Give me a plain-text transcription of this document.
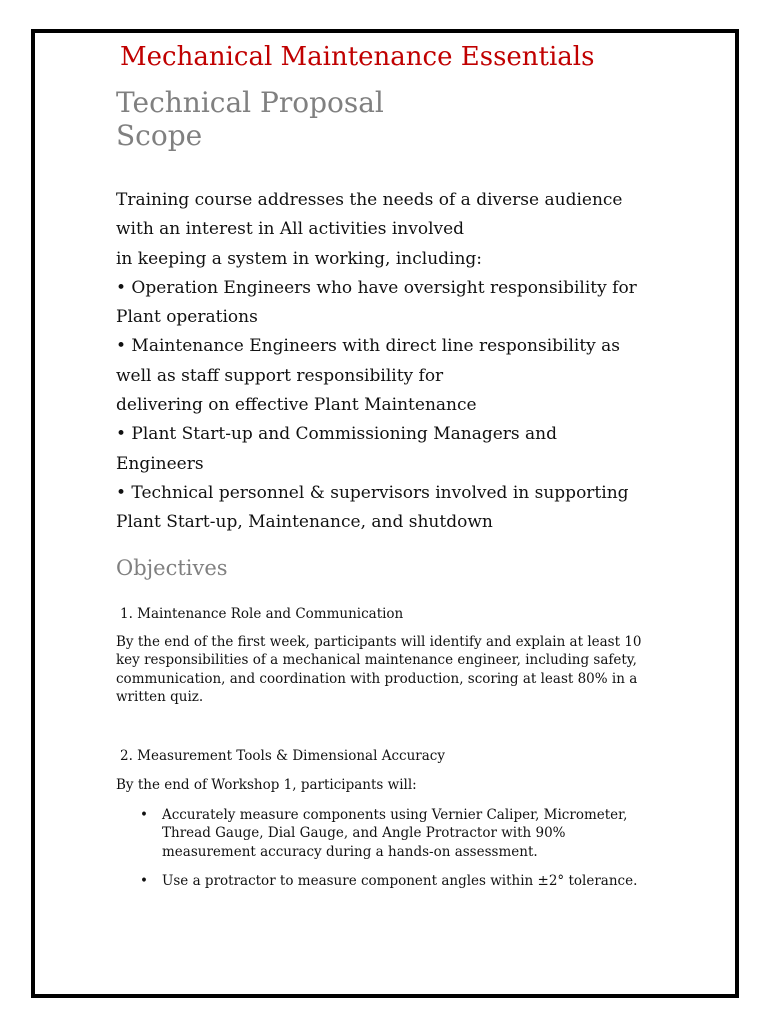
Mechanical Maintenance Essentials
Technical Proposal
Scope
Training course addresses the needs of a diverse audience
with an interest in All activities involved
in keeping a system in working, including:
• Operation Engineers who have oversight responsibility for
Plant operations
• Maintenance Engineers with direct line responsibility as
well as staff support responsibility for
delivering on effective Plant Maintenance
• Plant Start-up and Commissioning Managers and
Engineers
• Technical personnel & supervisors involved in supporting
Plant Start-up, Maintenance, and shutdown
Objectives
1. Maintenance Role and Communication
By the end of the first week, participants will identify and explain at least 10
key responsibilities of a mechanical maintenance engineer, including safety,
communication, and coordination with production, scoring at least 80% in a
written quiz.
2. Measurement Tools & Dimensional Accuracy
By the end of Workshop 1, participants will:
• Accurately measure components using Vernier Caliper, Micrometer,
Thread Gauge, Dial Gauge, and Angle Protractor with 90%
measurement accuracy during a hands-on assessment.
• Use a protractor to measure component angles within ±2° tolerance.
